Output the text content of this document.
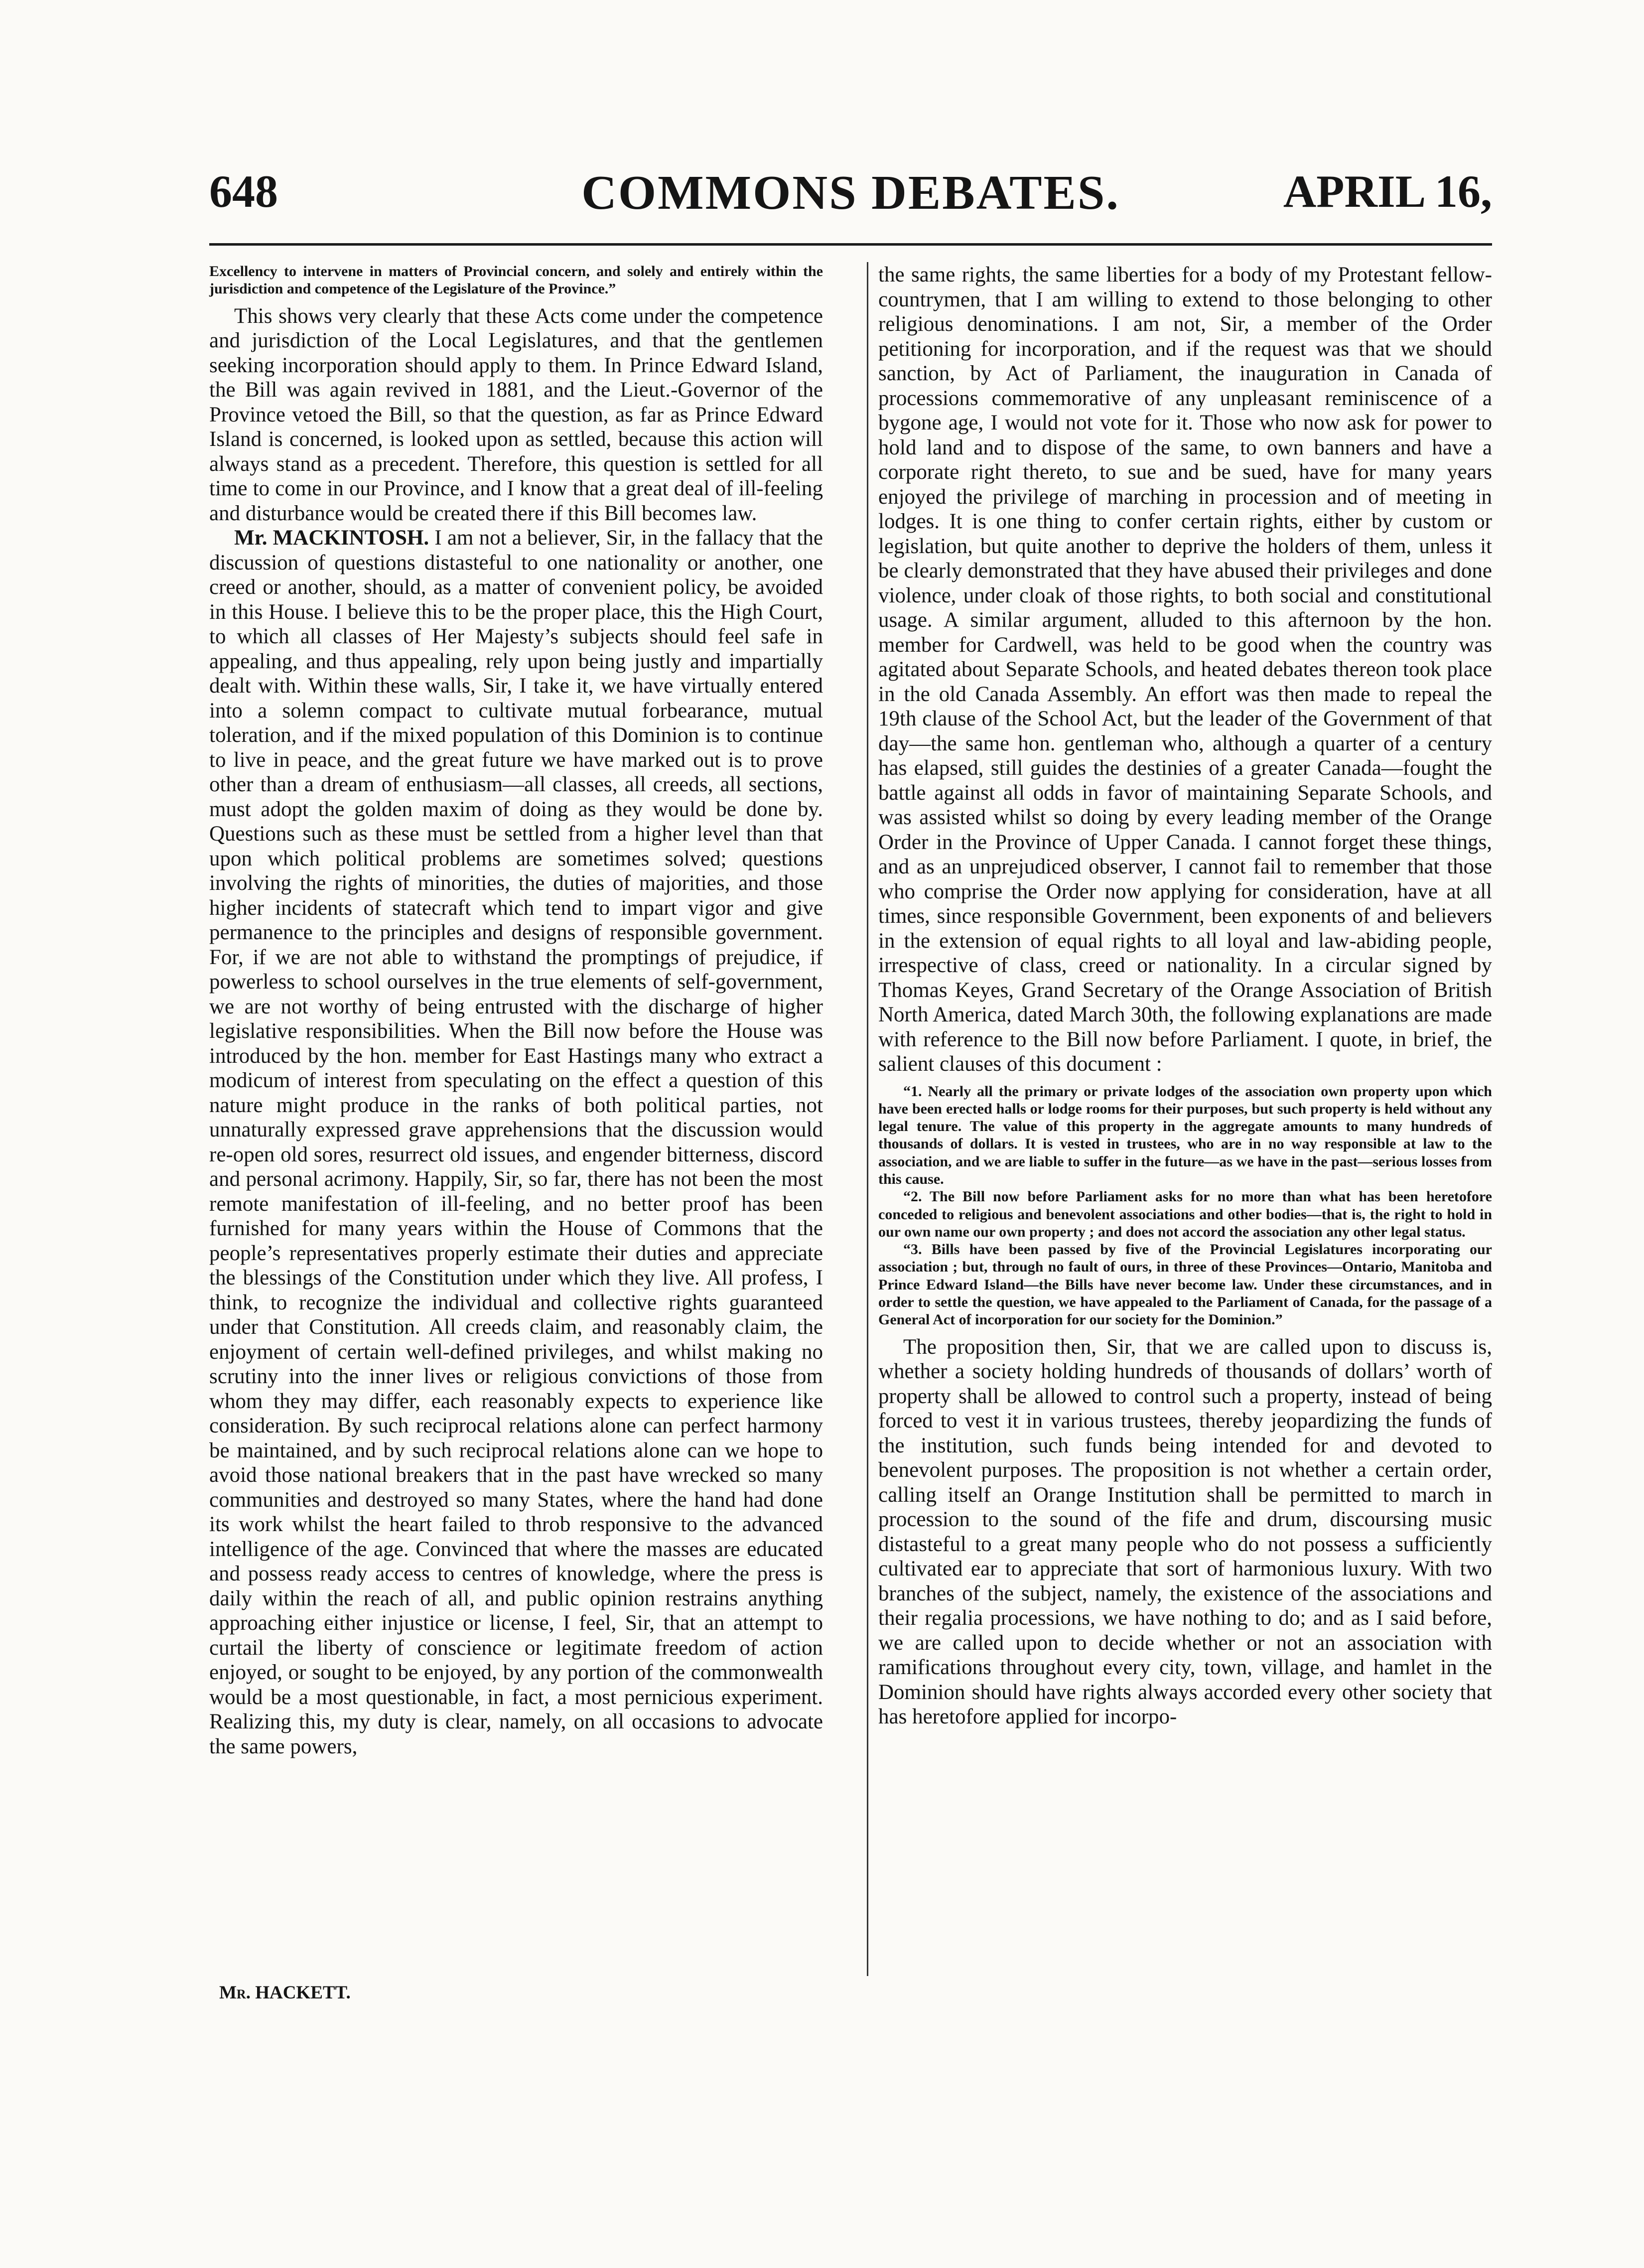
648	COMMONS DEBATES.	APRIL 16,

Excellency to intervene in matters of Provincial concern, and solely and entirely within the jurisdiction and competence of the Legislature of the Province.”

This shows very clearly that these Acts come under the competence and jurisdiction of the Local Legislatures, and that the gentlemen seeking incorporation should apply to them. In Prince Edward Island, the Bill was again revived in 1881, and the Lieut.-Governor of the Province vetoed the Bill, so that the question, as far as Prince Edward Island is concerned, is looked upon as settled, because this action will always stand as a precedent. Therefore, this question is settled for all time to come in our Province, and I know that a great deal of ill-feeling and disturbance would be created there if this Bill becomes law.

Mr. MACKINTOSH. I am not a believer, Sir, in the fallacy that the discussion of questions distasteful to one nationality or another, one creed or another, should, as a matter of convenient policy, be avoided in this House. I believe this to be the proper place, this the High Court, to which all classes of Her Majesty’s subjects should feel safe in appealing, and thus appealing, rely upon being justly and impartially dealt with. Within these walls, Sir, I take it, we have virtually entered into a solemn compact to cultivate mutual forbearance, mutual toleration, and if the mixed population of this Dominion is to continue to live in peace, and the great future we have marked out is to prove other than a dream of enthusiasm—all classes, all creeds, all sections, must adopt the golden maxim of doing as they would be done by. Questions such as these must be settled from a higher level than that upon which political problems are sometimes solved; questions involving the rights of minorities, the duties of majorities, and those higher incidents of statecraft which tend to impart vigor and give permanence to the principles and designs of responsible government. For, if we are not able to withstand the promptings of prejudice, if powerless to school ourselves in the true elements of self-government, we are not worthy of being entrusted with the discharge of higher legislative responsibilities. When the Bill now before the House was introduced by the hon. member for East Hastings many who extract a modicum of interest from speculating on the effect a question of this nature might produce in the ranks of both political parties, not unnaturally expressed grave apprehensions that the discussion would re-open old sores, resurrect old issues, and engender bitterness, discord and personal acrimony. Happily, Sir, so far, there has not been the most remote manifestation of ill-feeling, and no better proof has been furnished for many years within the House of Commons that the people’s representatives properly estimate their duties and appreciate the blessings of the Constitution under which they live. All profess, I think, to recognize the individual and collective rights guaranteed under that Constitution. All creeds claim, and reasonably claim, the enjoyment of certain well-defined privileges, and whilst making no scrutiny into the inner lives or religious convictions of those from whom they may differ, each reasonably expects to experience like consideration. By such reciprocal relations alone can perfect harmony be maintained, and by such reciprocal relations alone can we hope to avoid those national breakers that in the past have wrecked so many communities and destroyed so many States, where the hand had done its work whilst the heart failed to throb responsive to the advanced intelligence of the age. Convinced that where the masses are educated and possess ready access to centres of knowledge, where the press is daily within the reach of all, and public opinion restrains anything approaching either injustice or license, I feel, Sir, that an attempt to curtail the liberty of conscience or legitimate freedom of action enjoyed, or sought to be enjoyed, by any portion of the commonwealth would be a most questionable, in fact, a most pernicious experiment. Realizing this, my duty is clear, namely, on all occasions to advocate the same powers,

the same rights, the same liberties for a body of my Protestant fellow-countrymen, that I am willing to extend to those belonging to other religious denominations. I am not, Sir, a member of the Order petitioning for incorporation, and if the request was that we should sanction, by Act of Parliament, the inauguration in Canada of processions commemorative of any unpleasant reminiscence of a bygone age, I would not vote for it. Those who now ask for power to hold land and to dispose of the same, to own banners and have a corporate right thereto, to sue and be sued, have for many years enjoyed the privilege of marching in procession and of meeting in lodges. It is one thing to confer certain rights, either by custom or legislation, but quite another to deprive the holders of them, unless it be clearly demonstrated that they have abused their privileges and done violence, under cloak of those rights, to both social and constitutional usage. A similar argument, alluded to this afternoon by the hon. member for Cardwell, was held to be good when the country was agitated about Separate Schools, and heated debates thereon took place in the old Canada Assembly. An effort was then made to repeal the 19th clause of the School Act, but the leader of the Government of that day—the same hon. gentleman who, although a quarter of a century has elapsed, still guides the destinies of a greater Canada—fought the battle against all odds in favor of maintaining Separate Schools, and was assisted whilst so doing by every leading member of the Orange Order in the Province of Upper Canada. I cannot forget these things, and as an unprejudiced observer, I cannot fail to remember that those who comprise the Order now applying for consideration, have at all times, since responsible Government, been exponents of and believers in the extension of equal rights to all loyal and law-abiding people, irrespective of class, creed or nationality. In a circular signed by Thomas Keyes, Grand Secretary of the Orange Association of British North America, dated March 30th, the following explanations are made with reference to the Bill now before Parliament. I quote, in brief, the salient clauses of this document :

“1. Nearly all the primary or private lodges of the association own property upon which have been erected halls or lodge rooms for their purposes, but such property is held without any legal tenure. The value of this property in the aggregate amounts to many hundreds of thousands of dollars. It is vested in trustees, who are in no way responsible at law to the association, and we are liable to suffer in the future—as we have in the past—serious losses from this cause.

“2. The Bill now before Parliament asks for no more than what has been heretofore conceded to religious and benevolent associations and other bodies—that is, the right to hold in our own name our own property ; and does not accord the association any other legal status.

“3. Bills have been passed by five of the Provincial Legislatures incorporating our association ; but, through no fault of ours, in three of these Provinces—Ontario, Manitoba and Prince Edward Island—the Bills have never become law. Under these circumstances, and in order to settle the question, we have appealed to the Parliament of Canada, for the passage of a General Act of incorporation for our society for the Dominion.”

The proposition then, Sir, that we are called upon to discuss is, whether a society holding hundreds of thousands of dollars’ worth of property shall be allowed to control such a property, instead of being forced to vest it in various trustees, thereby jeopardizing the funds of the institution, such funds being intended for and devoted to benevolent purposes. The proposition is not whether a certain order, calling itself an Orange Institution shall be permitted to march in procession to the sound of the fife and drum, discoursing music distasteful to a great many people who do not possess a sufficiently cultivated ear to appreciate that sort of harmonious luxury. With two branches of the subject, namely, the existence of the associations and their regalia processions, we have nothing to do; and as I said before, we are called upon to decide whether or not an association with ramifications throughout every city, town, village, and hamlet in the Dominion should have rights always accorded every other society that has heretofore applied for incorpo-

Mr. HACKETT.
